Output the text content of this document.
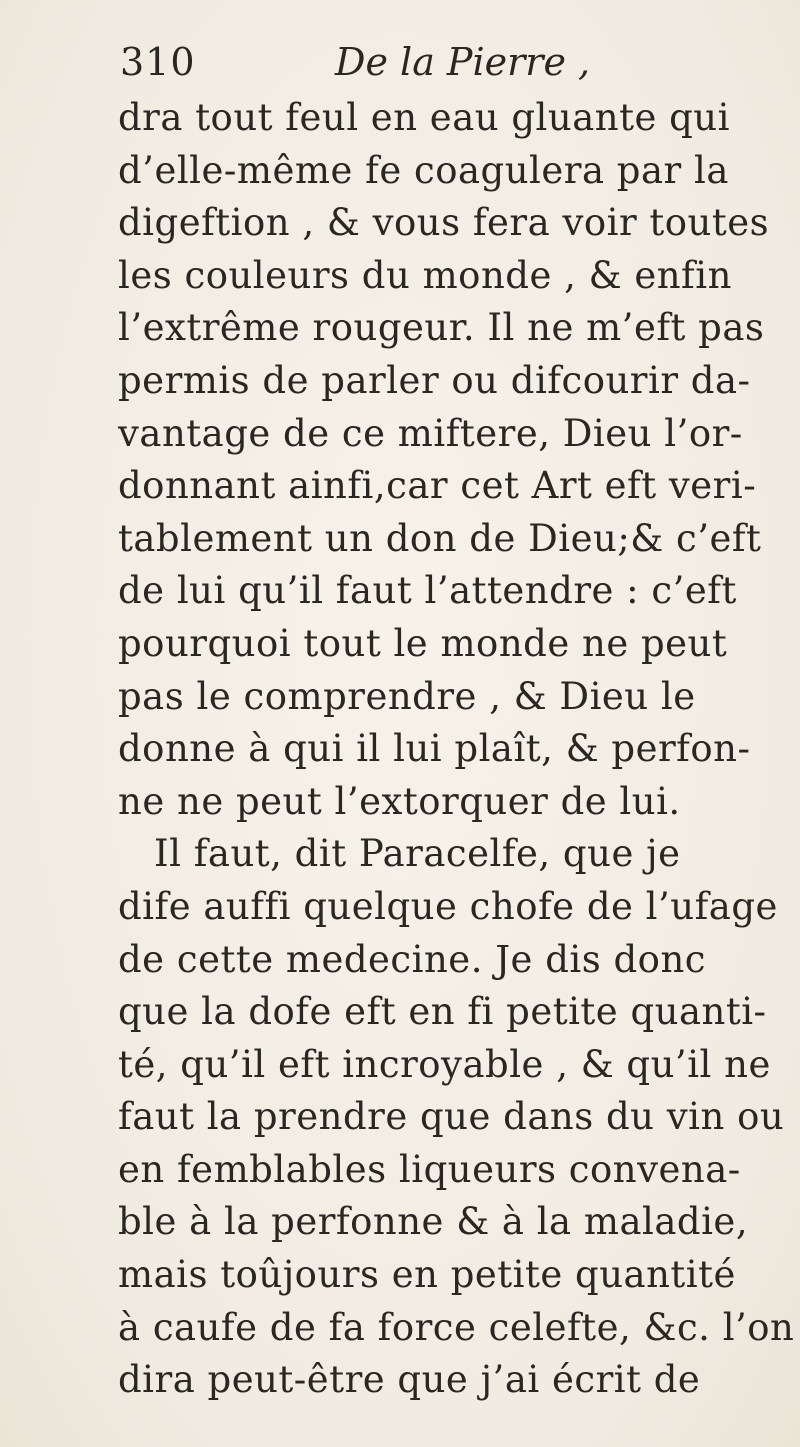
310	De la Pierre ,
dra tout feul en eau gluante qui
d’elle-même fe coagulera par la
digeftion , & vous fera voir toutes
les couleurs du monde , & enfin
l’extrême rougeur. Il ne m’eft pas
permis de parler ou difcourir da-
vantage de ce miftere, Dieu l’or-
donnant ainfi,car cet Art eft veri-
tablement un don de Dieu;& c’eft
de lui qu’il faut l’attendre : c’eft
pourquoi tout le monde ne peut
pas le comprendre , & Dieu le
donne à qui il lui plaît, & perfon-
ne ne peut l’extorquer de lui.
Il faut, dit Paracelfe, que je
dife auffi quelque chofe de l’ufage
de cette medecine. Je dis donc
que la dofe eft en fi petite quanti-
té, qu’il eft incroyable , & qu’il ne
faut la prendre que dans du vin ou
en femblables liqueurs convena-
ble à la perfonne & à la maladie,
mais toûjours en petite quantité
à caufe de fa force celefte, &c. l’on
dira peut-être que j’ai écrit de
